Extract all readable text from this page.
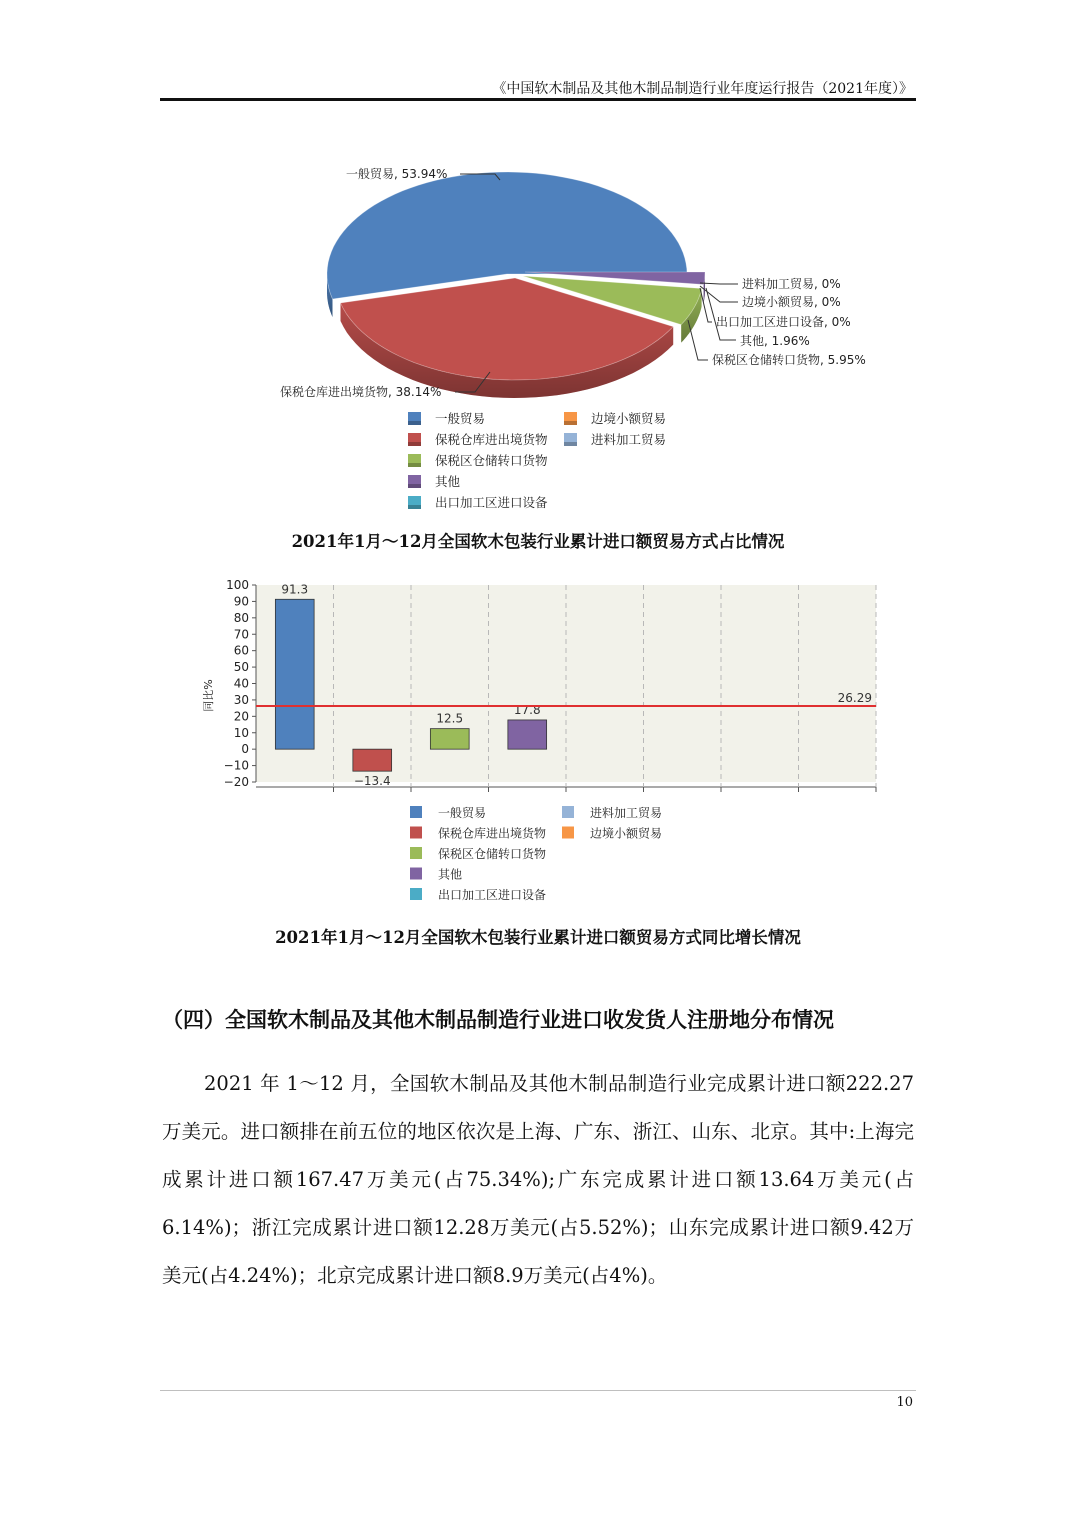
《中国软木制品及其他木制品制造行业年度运行报告（2021年度）》
一般贸易, 53.94%
保税仓库进出境货物, 38.14%
保税区仓储转口货物, 5.95%
其他, 1.96%
出口加工区进口设备, 0%
边境小额贸易, 0%
进料加工贸易, 0%
一般贸易
保税仓库进出境货物
保税区仓储转口货物
其他
出口加工区进口设备
边境小额贸易
进料加工贸易
2021年1月～12月全国软木包装行业累计进口额贸易方式占比情况
100
90
80
70
60
50
40
30
20
10
0
−10
−20
同比%
91.3
−13.4
12.5
17.8
26.29
一般贸易
保税仓库进出境货物
保税区仓储转口货物
其他
出口加工区进口设备
进料加工贸易
边境小额贸易
2021年1月～12月全国软木包装行业累计进口额贸易方式同比增长情况
（四）全国软木制品及其他木制品制造行业进口收发货人注册地分布情况
2021 年 1～12 月，全国软木制品及其他木制品制造行业完成累计进口额222.27万美元。进口额排在前五位的地区依次是上海、广东、浙江、山东、北京。其中:上海完成累计进口额167.47万美元(占75.34%);广东完成累计进口额13.64万美元(占6.14%)；浙江完成累计进口额12.28万美元(占5.52%)；山东完成累计进口额9.42万美元(占4.24%)；北京完成累计进口额8.9万美元(占4%)。
10
